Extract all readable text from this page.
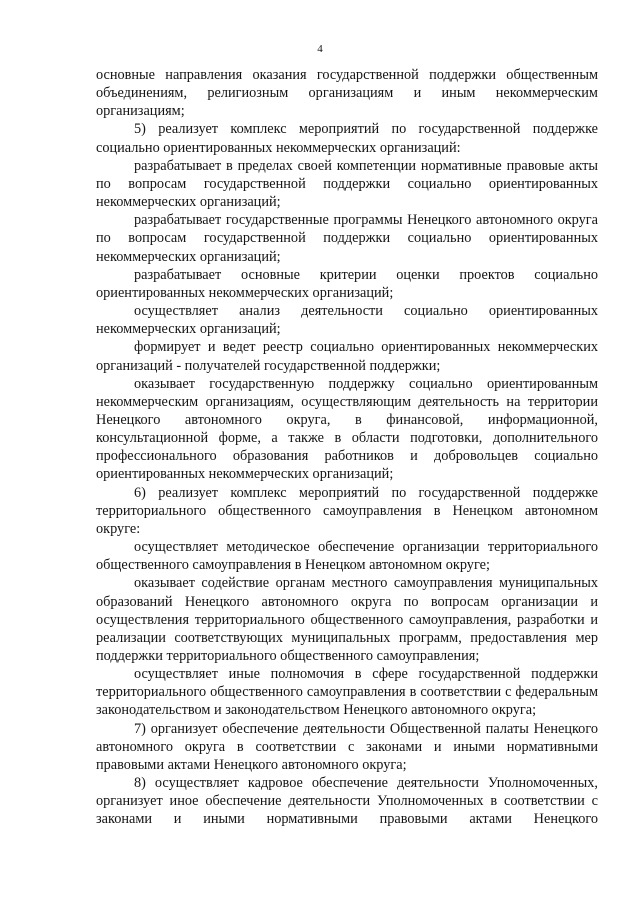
4

основные направления оказания государственной поддержки общественным объединениям, религиозным организациям и иным некоммерческим организациям;

5) реализует комплекс мероприятий по государственной поддержке социально ориентированных некоммерческих организаций:

разрабатывает в пределах своей компетенции нормативные правовые акты по вопросам государственной поддержки социально ориентированных некоммерческих организаций;

разрабатывает государственные программы Ненецкого автономного округа по вопросам государственной поддержки социально ориентированных некоммерческих организаций;

разрабатывает основные критерии оценки проектов социально ориентированных некоммерческих организаций;

осуществляет анализ деятельности социально ориентированных некоммерческих организаций;

формирует и ведет реестр социально ориентированных некоммерческих организаций - получателей государственной поддержки;

оказывает государственную поддержку социально ориентированным некоммерческим организациям, осуществляющим деятельность на территории Ненецкого автономного округа, в финансовой, информационной, консультационной форме, а также в области подготовки, дополнительного профессионального образования работников и добровольцев социально ориентированных некоммерческих организаций;

6) реализует комплекс мероприятий по государственной поддержке территориального общественного самоуправления в Ненецком автономном округе:

осуществляет методическое обеспечение организации территориального общественного самоуправления в Ненецком автономном округе;

оказывает содействие органам местного самоуправления муниципальных образований Ненецкого автономного округа по вопросам организации и осуществления территориального общественного самоуправления, разработки и реализации соответствующих муниципальных программ, предоставления мер поддержки территориального общественного самоуправления;

осуществляет иные полномочия в сфере государственной поддержки территориального общественного самоуправления в соответствии с федеральным законодательством и законодательством Ненецкого автономного округа;

7) организует обеспечение деятельности Общественной палаты Ненецкого автономного округа в соответствии с законами и иными нормативными правовыми актами Ненецкого автономного округа;

8) осуществляет кадровое обеспечение деятельности Уполномоченных, организует иное обеспечение деятельности Уполномоченных в соответствии с законами и иными нормативными правовыми актами Ненецкого
